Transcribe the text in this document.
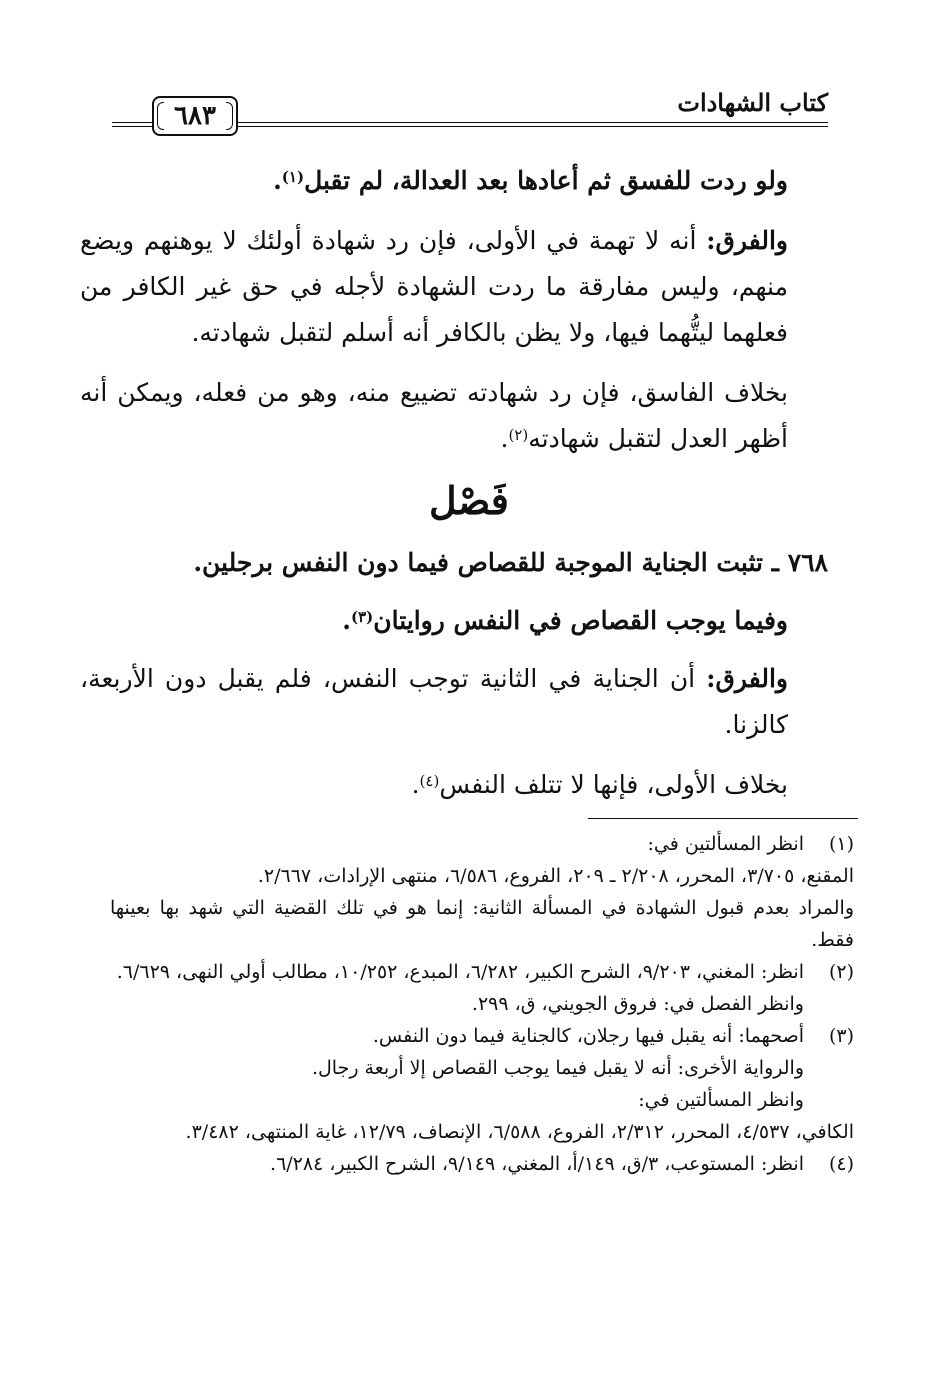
كتاب الشهادات
٦٨٣

ولو ردت للفسق ثم أعادها بعد العدالة، لم تقبل$^{(١)}$.

والفرق: أنه لا تهمة في الأولى، فإن رد شهادة أولئك لا يوهنهم ويضع منهم، وليس مفارقة ما ردت الشهادة لأجله في حق غير الكافر من فعلهما ليتُّهما فيها، ولا يظن بالكافر أنه أسلم لتقبل شهادته.

بخلاف الفاسق، فإن رد شهادته تضييع منه، وهو من فعله، ويمكن أنه أظهر العدل لتقبل شهادته$^{(٢)}$.

فَصْل

٧٦٨ ـ تثبت الجناية الموجبة للقصاص فيما دون النفس برجلين.

وفيما يوجب القصاص في النفس روايتان$^{(٣)}$.

والفرق: أن الجناية في الثانية توجب النفس، فلم يقبل دون الأربعة، كالزنا.

بخلاف الأولى، فإنها لا تتلف النفس$^{(٤)}$.

(١)
انظر المسألتين في:
المقنع، ٣/٧٠٥، المحرر، ٢/٢٠٨ ـ ٢٠٩، الفروع، ٦/٥٨٦، منتهى الإرادات، ٢/٦٦٧.
والمراد بعدم قبول الشهادة في المسألة الثانية: إنما هو في تلك القضية التي شهد بها بعينها فقط.
(٢)
انظر: المغني، ٩/٢٠٣، الشرح الكبير، ٦/٢٨٢، المبدع، ١٠/٢٥٢، مطالب أولي النهى، ٦/٦٢٩.
وانظر الفصل في: فروق الجويني، ق، ٢٩٩.
(٣)
أصحهما: أنه يقبل فيها رجلان، كالجناية فيما دون النفس.
والرواية الأخرى: أنه لا يقبل فيما يوجب القصاص إلا أربعة رجال.
وانظر المسألتين في:
الكافي، ٤/٥٣٧، المحرر، ٢/٣١٢، الفروع، ٦/٥٨٨، الإنصاف، ١٢/٧٩، غاية المنتهى، ٣/٤٨٢.
(٤)
انظر: المستوعب، ٣/ق، ١٤٩/أ، المغني، ٩/١٤٩، الشرح الكبير، ٦/٢٨٤.
